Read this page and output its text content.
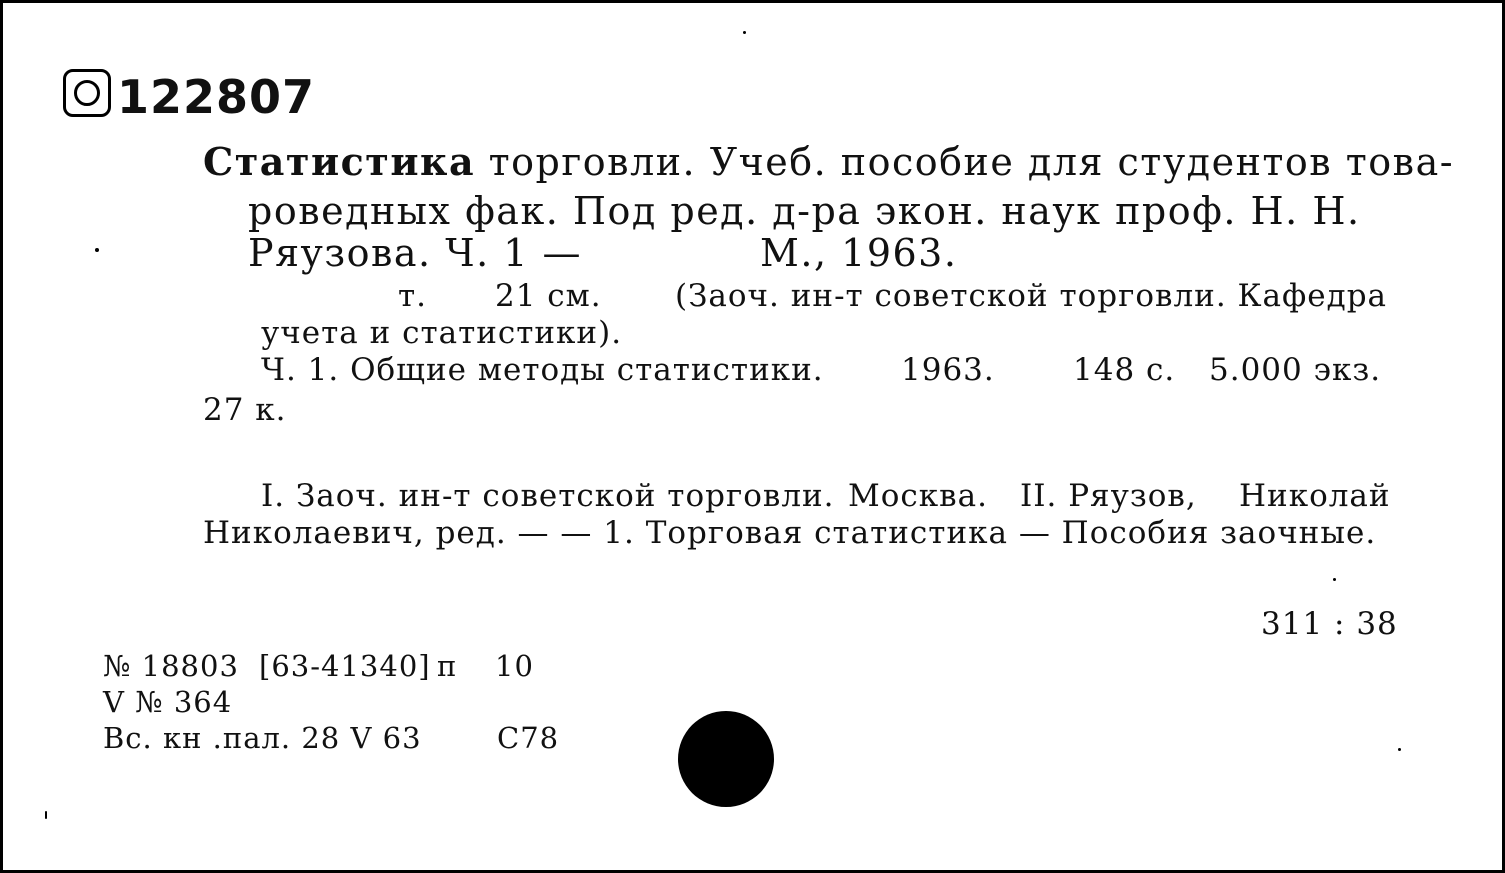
122807
Статистика торговли. Учеб. пособие для студентов това-
роведных фак. Под ред. д-ра экон. наук проф. Н. Н.
Ряузова. Ч. 1 —	М., 1963.
т. 21 см. (Заоч. ин-т советской торговли. Кафедра
учета и статистики).
Ч. 1. Общие методы статистики. 1963.	148 с. 5.000 экз.
27 к.
I. Заоч. ин-т советской торговли. Москва. II. Ряузов, Николай
Николаевич, ред. — — 1. Торговая статистика — Пособия заочные.
311 : 38
№ 18803 [63-41340] п 10
V № 364
Вс. кн .пал. 28 V 63	С78
